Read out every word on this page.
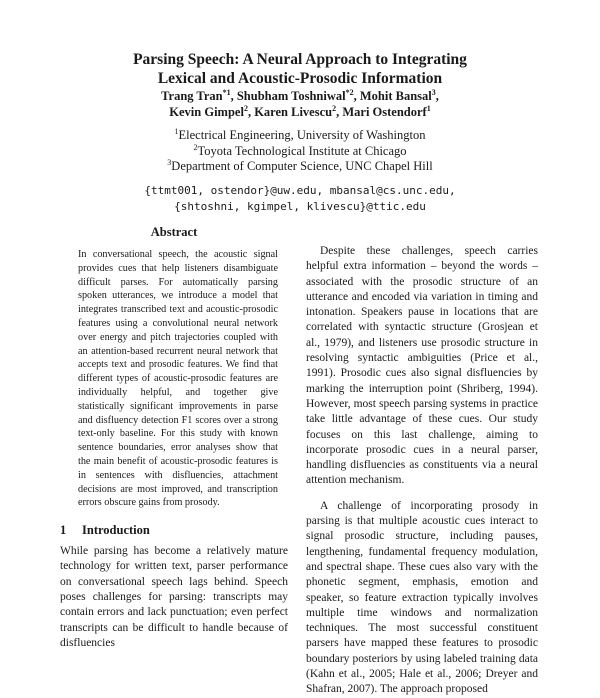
Parsing Speech: A Neural Approach to Integrating
Lexical and Acoustic-Prosodic Information
Trang Tran$^{*1}$, Shubham Toshniwal$^{*2}$, Mohit Bansal$^3$,
Kevin Gimpel$^2$, Karen Livescu$^2$, Mari Ostendorf$^1$
$^1$Electrical Engineering, University of Washington
$^2$Toyota Technological Institute at Chicago
$^3$Department of Computer Science, UNC Chapel Hill
{ttmt001, ostendor}@uw.edu, mbansal@cs.unc.edu,
{shtoshni, kgimpel, klivescu}@ttic.edu
Abstract

In conversational speech, the acoustic signal provides cues that help listeners disambiguate difficult parses. For automatically parsing spoken utterances, we introduce a model that integrates transcribed text and acoustic-prosodic features using a convolutional neural network over energy and pitch trajectories coupled with an attention-based recurrent neural network that accepts text and prosodic features. We find that different types of acoustic-prosodic features are individually helpful, and together give statistically significant improvements in parse and disfluency detection F1 scores over a strong text-only baseline. For this study with known sentence boundaries, error analyses show that the main benefit of acoustic-prosodic features is in sentences with disfluencies, attachment decisions are most improved, and transcription errors obscure gains from prosody.

1 Introduction

While parsing has become a relatively mature technology for written text, parser performance on conversational speech lags behind. Speech poses challenges for parsing: transcripts may contain errors and lack punctuation; even perfect transcripts can be difficult to handle because of disfluencies

Despite these challenges, speech carries helpful extra information – beyond the words – associated with the prosodic structure of an utterance and encoded via variation in timing and intonation. Speakers pause in locations that are correlated with syntactic structure (Grosjean et al., 1979), and listeners use prosodic structure in resolving syntactic ambiguities (Price et al., 1991). Prosodic cues also signal disfluencies by marking the interruption point (Shriberg, 1994). However, most speech parsing systems in practice take little advantage of these cues. Our study focuses on this last challenge, aiming to incorporate prosodic cues in a neural parser, handling disfluencies as constituents via a neural attention mechanism.

A challenge of incorporating prosody in parsing is that multiple acoustic cues interact to signal prosodic structure, including pauses, lengthening, fundamental frequency modulation, and spectral shape. These cues also vary with the phonetic segment, emphasis, emotion and speaker, so feature extraction typically involves multiple time windows and normalization techniques. The most successful constituent parsers have mapped these features to prosodic boundary posteriors by using labeled training data (Kahn et al., 2005; Hale et al., 2006; Dreyer and Shafran, 2007). The approach proposed
